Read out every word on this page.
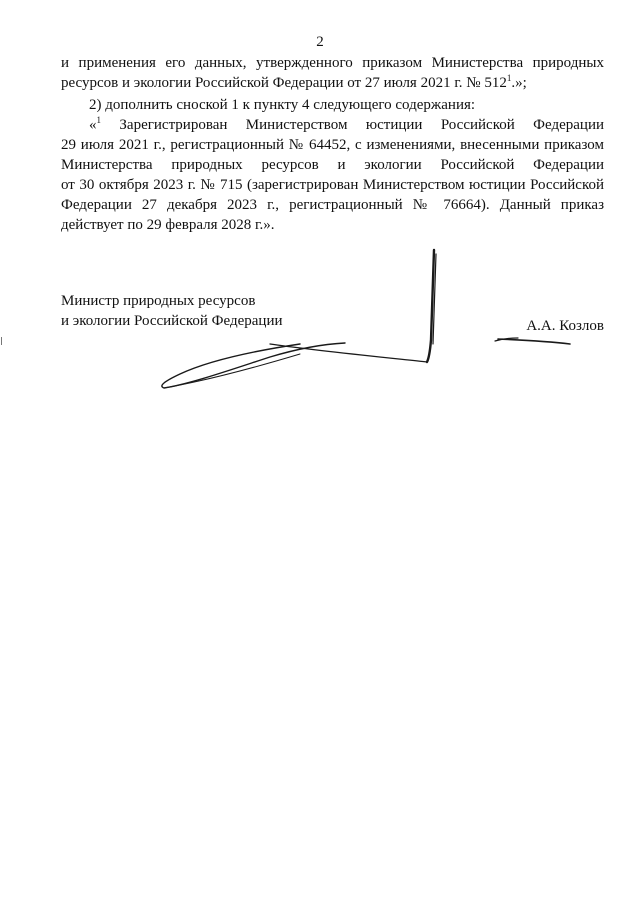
2
и применения его данных, утвержденного приказом Министерства природных
ресурсов и экологии Российской Федерации от 27 июля 2021 г. № $512^1$.»;
2) дополнить сноской 1 к пункту 4 следующего содержания:
«$^1$ Зарегистрирован Министерством юстиции Российской Федерации
29 июля 2021 г., регистрационный № 64452, с изменениями, внесенными приказом
Министерства природных ресурсов и экологии Российской Федерации
от 30 октября 2023 г. № 715 (зарегистрирован Министерством юстиции Российской
Федерации 27 декабря 2023 г., регистрационный № 76664). Данный приказ
действует по 29 февраля 2028 г.».
Министр природных ресурсов
и экологии Российской Федерации	А.А. Козлов
